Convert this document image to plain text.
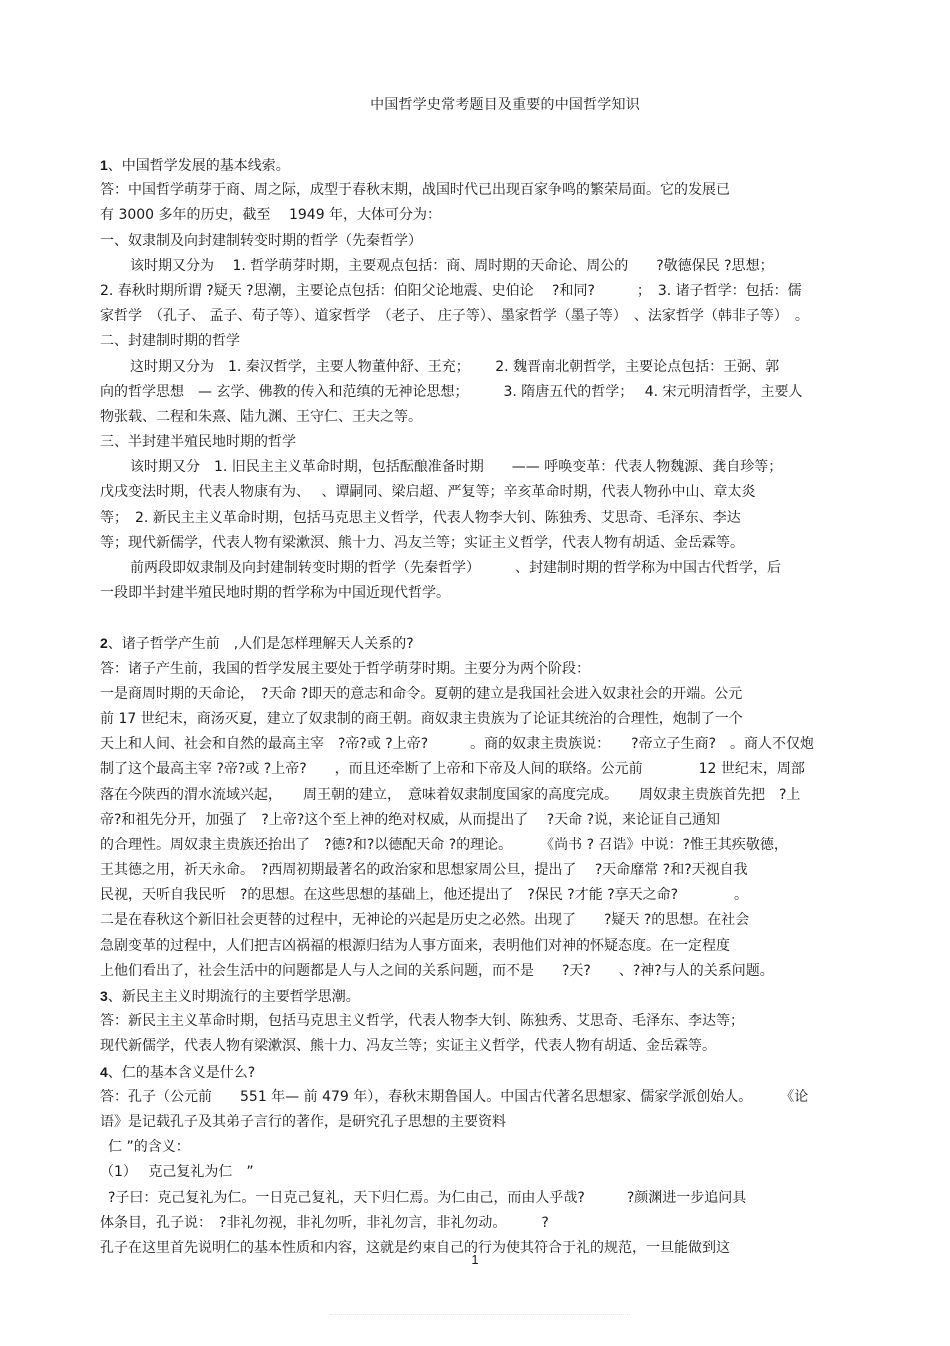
中国哲学史常考题目及重要的中国哲学知识
1、中国哲学发展的基本线索。
答：中国哲学萌芽于商、周之际，成型于春秋末期，战国时代已出现百家争鸣的繁荣局面。它的发展已
有 3000 多年的历史，截至　 1949 年，大体可分为：
一、奴隶制及向封建制转变时期的哲学（先秦哲学）
该时期又分为　 1. 哲学萌芽时期，主要观点包括：商、周时期的天命论、周公的　　?敬德保民 ?思想；
2. 春秋时期所谓 ?疑天 ?思潮，主要论点包括：伯阳父论地震、史伯论　 ?和同?　　　；　3. 诸子哲学：包括：儒
家哲学　（孔子、 孟子、荀子等）、道家哲学　（老子、 庄子等）、墨家哲学（墨子等）　、法家哲学（韩非子等）　。
二、封建制时期的哲学
这时期又分为　1. 秦汉哲学，主要人物董仲舒、王充；　　 2. 魏晋南北朝哲学，主要论点包括：王弼、郭
向的哲学思想　— 玄学、佛教的传入和范缜的无神论思想；　　　3. 隋唐五代的哲学；　 4. 宋元明清哲学，主要人
物张载、二程和朱熹、陆九渊、王守仁、王夫之等。
三、半封建半殖民地时期的哲学
该时期又分　1. 旧民主主义革命时期，包括酝酿准备时期　　—— 呼唤变革：代表人物魏源、龚自珍等；
戊戌变法时期，代表人物康有为、　 、谭嗣同、梁启超、严复等；辛亥革命时期，代表人物孙中山、章太炎
等；　2. 新民主主义革命时期，包括马克思主义哲学，代表人物李大钊、陈独秀、艾思奇、毛泽东、李达
等；现代新儒学，代表人物有梁漱溟、熊十力、冯友兰等；实证主义哲学，代表人物有胡适、金岳霖等。
前两段即奴隶制及向封建制转变时期的哲学（先秦哲学）　　　、封建制时期的哲学称为中国古代哲学，后
一段即半封建半殖民地时期的哲学称为中国近现代哲学。
2、诸子哲学产生前　,人们是怎样理解天人关系的?
答：诸子产生前，我国的哲学发展主要处于哲学萌芽时期。主要分为两个阶段：
一是商周时期的天命论，　?天命 ?即天的意志和命令。夏朝的建立是我国社会进入奴隶社会的开端。公元
前 17 世纪末，商汤灭夏，建立了奴隶制的商王朝。商奴隶主贵族为了论证其统治的合理性，炮制了一个
天上和人间、社会和自然的最高主宰　?帝?或 ?上帝?　　　。商的奴隶主贵族说：　　?帝立子生商?　。商人不仅炮
制了这个最高主宰 ?帝?或 ?上帝?　　，而且还牵断了上帝和下帝及人间的联络。公元前　　　　12 世纪末，周部
落在今陕西的渭水流域兴起，　　周王朝的建立，　意味着奴隶制度国家的高度完成。　　周奴隶主贵族首先把　?上
帝?和祖先分开，加强了　?上帝?这个至上神的绝对权威，从而提出了　 ?天命 ?说，来论证自己通知
的合理性。周奴隶主贵族还抬出了　?德?和?以德配天命 ?的理论。　　　《尚书 ? 召诰》中说：?惟王其疾敬德，
王其德之用，祈天永命。　?西周初期最著名的政治家和思想家周公旦，提出了　 ?天命靡常 ?和?天视自我
民视，天听自我民听　?的思想。在这些思想的基础上，他还提出了　?保民 ?才能 ?享天之命?　　　　。
二是在春秋这个新旧社会更替的过程中，无神论的兴起是历史之必然。出现了　　?疑天 ?的思想。在社会
急剧变革的过程中，人们把吉凶祸福的根源归结为人事方面来，表明他们对神的怀疑态度。在一定程度
上他们看出了，社会生活中的问题都是人与人之间的关系问题，而不是　　?天?　　、?神?与人的关系问题。
3、新民主主义时期流行的主要哲学思潮。
答：新民主主义革命时期，包括马克思主义哲学，代表人物李大钊、陈独秀、艾思奇、毛泽东、李达等；
现代新儒学，代表人物有梁漱溟、熊十力、冯友兰等；实证主义哲学，代表人物有胡适、金岳霖等。
4、仁的基本含义是什么?
答：孔子（公元前　　551 年— 前 479 年），春秋末期鲁国人。中国古代著名思想家、儒家学派创始人。　　　《论
语》是记载孔子及其弟子言行的著作，是研究孔子思想的主要资料
仁 ”的含义：
（1）　 克己复礼为仁　”
?子曰：克己复礼为仁。一日克己复礼，天下归仁焉。为仁由己，而由人乎哉?　　　?颜渊进一步追问具
体条目，孔子说：　?非礼勿视，非礼勿听，非礼勿言，非礼勿动。　　　?
孔子在这里首先说明仁的基本性质和内容，这就是约束自己的行为使其符合于礼的规范，一旦能做到这
1
